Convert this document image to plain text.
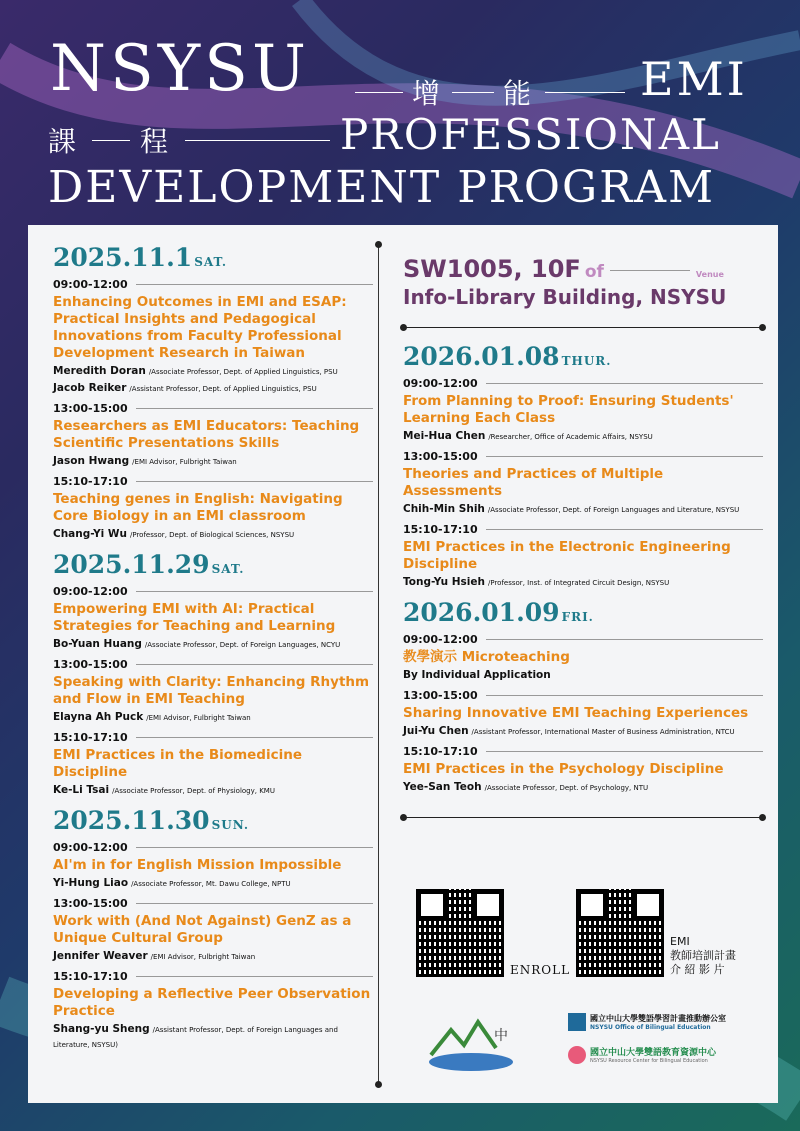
NSYSU	增 能 EMI
課 程	PROFESSIONAL
DEVELOPMENT PROGRAM
2025.11.1 SAT.
09:00-12:00
Enhancing Outcomes in EMI and ESAP: Practical Insights and Pedagogical Innovations from Faculty Professional Development Research in Taiwan
Meredith Doran /Associate Professor, Dept. of Applied Linguistics, PSU
Jacob Reiker /Assistant Professor, Dept. of Applied Linguistics, PSU
13:00-15:00
Researchers as EMI Educators: Teaching Scientific Presentations Skills
Jason Hwang /EMI Advisor, Fulbright Taiwan
15:10-17:10
Teaching genes in English: Navigating Core Biology in an EMI classroom
Chang-Yi Wu /Professor, Dept. of Biological Sciences, NSYSU
2025.11.29 SAT.
09:00-12:00
Empowering EMI with AI: Practical Strategies for Teaching and Learning
Bo-Yuan Huang /Associate Professor, Dept. of Foreign Languages, NCYU
13:00-15:00
Speaking with Clarity: Enhancing Rhythm and Flow in EMI Teaching
Elayna Ah Puck /EMI Advisor, Fulbright Taiwan
15:10-17:10
EMI Practices in the Biomedicine Discipline
Ke-Li Tsai /Associate Professor, Dept. of Physiology, KMU
2025.11.30 SUN.
09:00-12:00
AI'm in for English Mission Impossible
Yi-Hung Liao /Associate Professor, Mt. Dawu College, NPTU
13:00-15:00
Work with (And Not Against) GenZ as a Unique Cultural Group
Jennifer Weaver /EMI Advisor, Fulbright Taiwan
15:10-17:10
Developing a Reflective Peer Observation Practice
Shang-yu Sheng /Assistant Professor, Dept. of Foreign Languages and Literature, NSYSU)
SW1005, 10F of	Venue
Info-Library Building, NSYSU
2026.01.08 THUR.
09:00-12:00
From Planning to Proof: Ensuring Students' Learning Each Class
Mei-Hua Chen /Researcher, Office of Academic Affairs, NSYSU
13:00-15:00
Theories and Practices of Multiple Assessments
Chih-Min Shih /Associate Professor, Dept. of Foreign Languages and Literature, NSYSU
15:10-17:10
EMI Practices in the Electronic Engineering Discipline
Tong-Yu Hsieh /Professor, Inst. of Integrated Circuit Design, NSYSU
2026.01.09 FRI.
09:00-12:00
教學演示 Microteaching
By Individual Application
13:00-15:00
Sharing Innovative EMI Teaching Experiences
Jui-Yu Chen /Assistant Professor, International Master of Business Administration, NTCU
15:10-17:10
EMI Practices in the Psychology Discipline
Yee-San Teoh /Associate Professor, Dept. of Psychology, NTU
ENROLL
EMI
教師培訓計畫
介 紹 影 片
中
國立中山大學雙語學習計畫推動辦公室
NSYSU Office of Bilingual Education
國立中山大學雙語教育資源中心
NSYSU Resource Center for Bilingual Education
